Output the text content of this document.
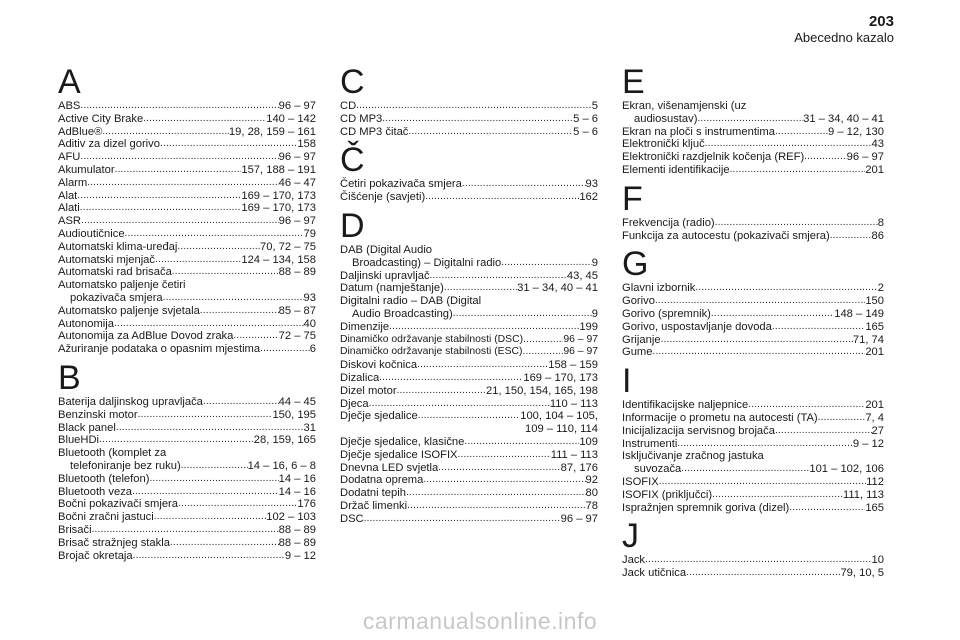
203
Abecedno kazalo
A
ABS .....	96 – 97
Active City Brake .....	140 – 142
AdBlue® .....	19, 28, 159 – 161
Aditiv za dizel gorivo .....	158
AFU .....	96 – 97
Akumulator .....	157, 188 – 191
Alarm .....	46 – 47
Alat .....	169 – 170, 173
Alati .....	169 – 170, 173
ASR .....	96 – 97
Audioutičnice .....	79
Automatski klima-uređaj .....	70, 72 – 75
Automatski mjenjač .....	124 – 134, 158
Automatski rad brisača .....	88 – 89
Automatsko paljenje četiri
pokazivača smjera .....	93
Automatsko paljenje svjetala .....	85 – 87
Autonomija .....	40
Autonomija za AdBlue Dovod zraka .....	72 – 75
Ažuriranje podataka o opasnim mjestima .....	6
B
Baterija daljinskog upravljača .....	44 – 45
Benzinski motor .....	150, 195
Black panel .....	31
BlueHDi .....	28, 159, 165
Bluetooth (komplet za
telefoniranje bez ruku) .....	14 – 16, 6 – 8
Bluetooth (telefon) .....	14 – 16
Bluetooth veza .....	14 – 16
Bočni pokazivači smjera .....	176
Bočni zračni jastuci .....	102 – 103
Brisači .....	88 – 89
Brisač stražnjeg stakla .....	88 – 89
Brojač okretaja .....	9 – 12
C
CD .....	5
CD MP3 .....	5 – 6
CD MP3 čitač .....	5 – 6
Č
Četiri pokazivača smjera .....	93
Čišćenje (savjeti) .....	162
D
DAB (Digital Audio
Broadcasting) – Digitalni radio .....	9
Daljinski upravljač .....	43, 45
Datum (namještanje) .....	31 – 34, 40 – 41
Digitalni radio – DAB (Digital
Audio Broadcasting) .....	9
Dimenzije .....	199
Dinamičko održavanje stabilnosti (DSC) .....	96 – 97
Dinamičko održavanje stabilnosti (ESC) .....	96 – 97
Diskovi kočnica .....	158 – 159
Dizalica .....	169 – 170, 173
Dizel motor .....	21, 150, 154, 165, 198
Djeca .....	110 – 113
Dječje sjedalice .....	100, 104 – 105,
109 – 110, 114
Dječje sjedalice, klasične .....	109
Dječje sjedalice ISOFIX .....	111 – 113
Dnevna LED svjetla .....	87, 176
Dodatna oprema .....	92
Dodatni tepih .....	80
Držač limenki .....	78
DSC .....	96 – 97
E
Ekran, višenamjenski (uz
audiosustav) .....	31 – 34, 40 – 41
Ekran na ploči s instrumentima .....	9 – 12, 130
Elektronički ključ .....	43
Elektronički razdjelnik kočenja (REF) .....	96 – 97
Elementi identifikacije .....	201
F
Frekvencija (radio) .....	8
Funkcija za autocestu (pokazivači smjera) .....	86
G
Glavni izbornik .....	2
Gorivo .....	150
Gorivo (spremnik) .....	148 – 149
Gorivo, uspostavljanje dovoda .....	165
Grijanje .....	71, 74
Gume .....	201
I
Identifikacijske naljepnice .....	201
Informacije o prometu na autocesti (TA) .....	7, 4
Inicijalizacija servisnog brojača .....	27
Instrumenti .....	9 – 12
Isključivanje zračnog jastuka
suvozača .....	101 – 102, 106
ISOFIX .....	112
ISOFIX (priključci) .....	111, 113
Ispražnjen spremnik goriva (dizel) .....	165
J
Jack .....	10
Jack utičnica .....	79, 10, 5
carmanualsonline.info
